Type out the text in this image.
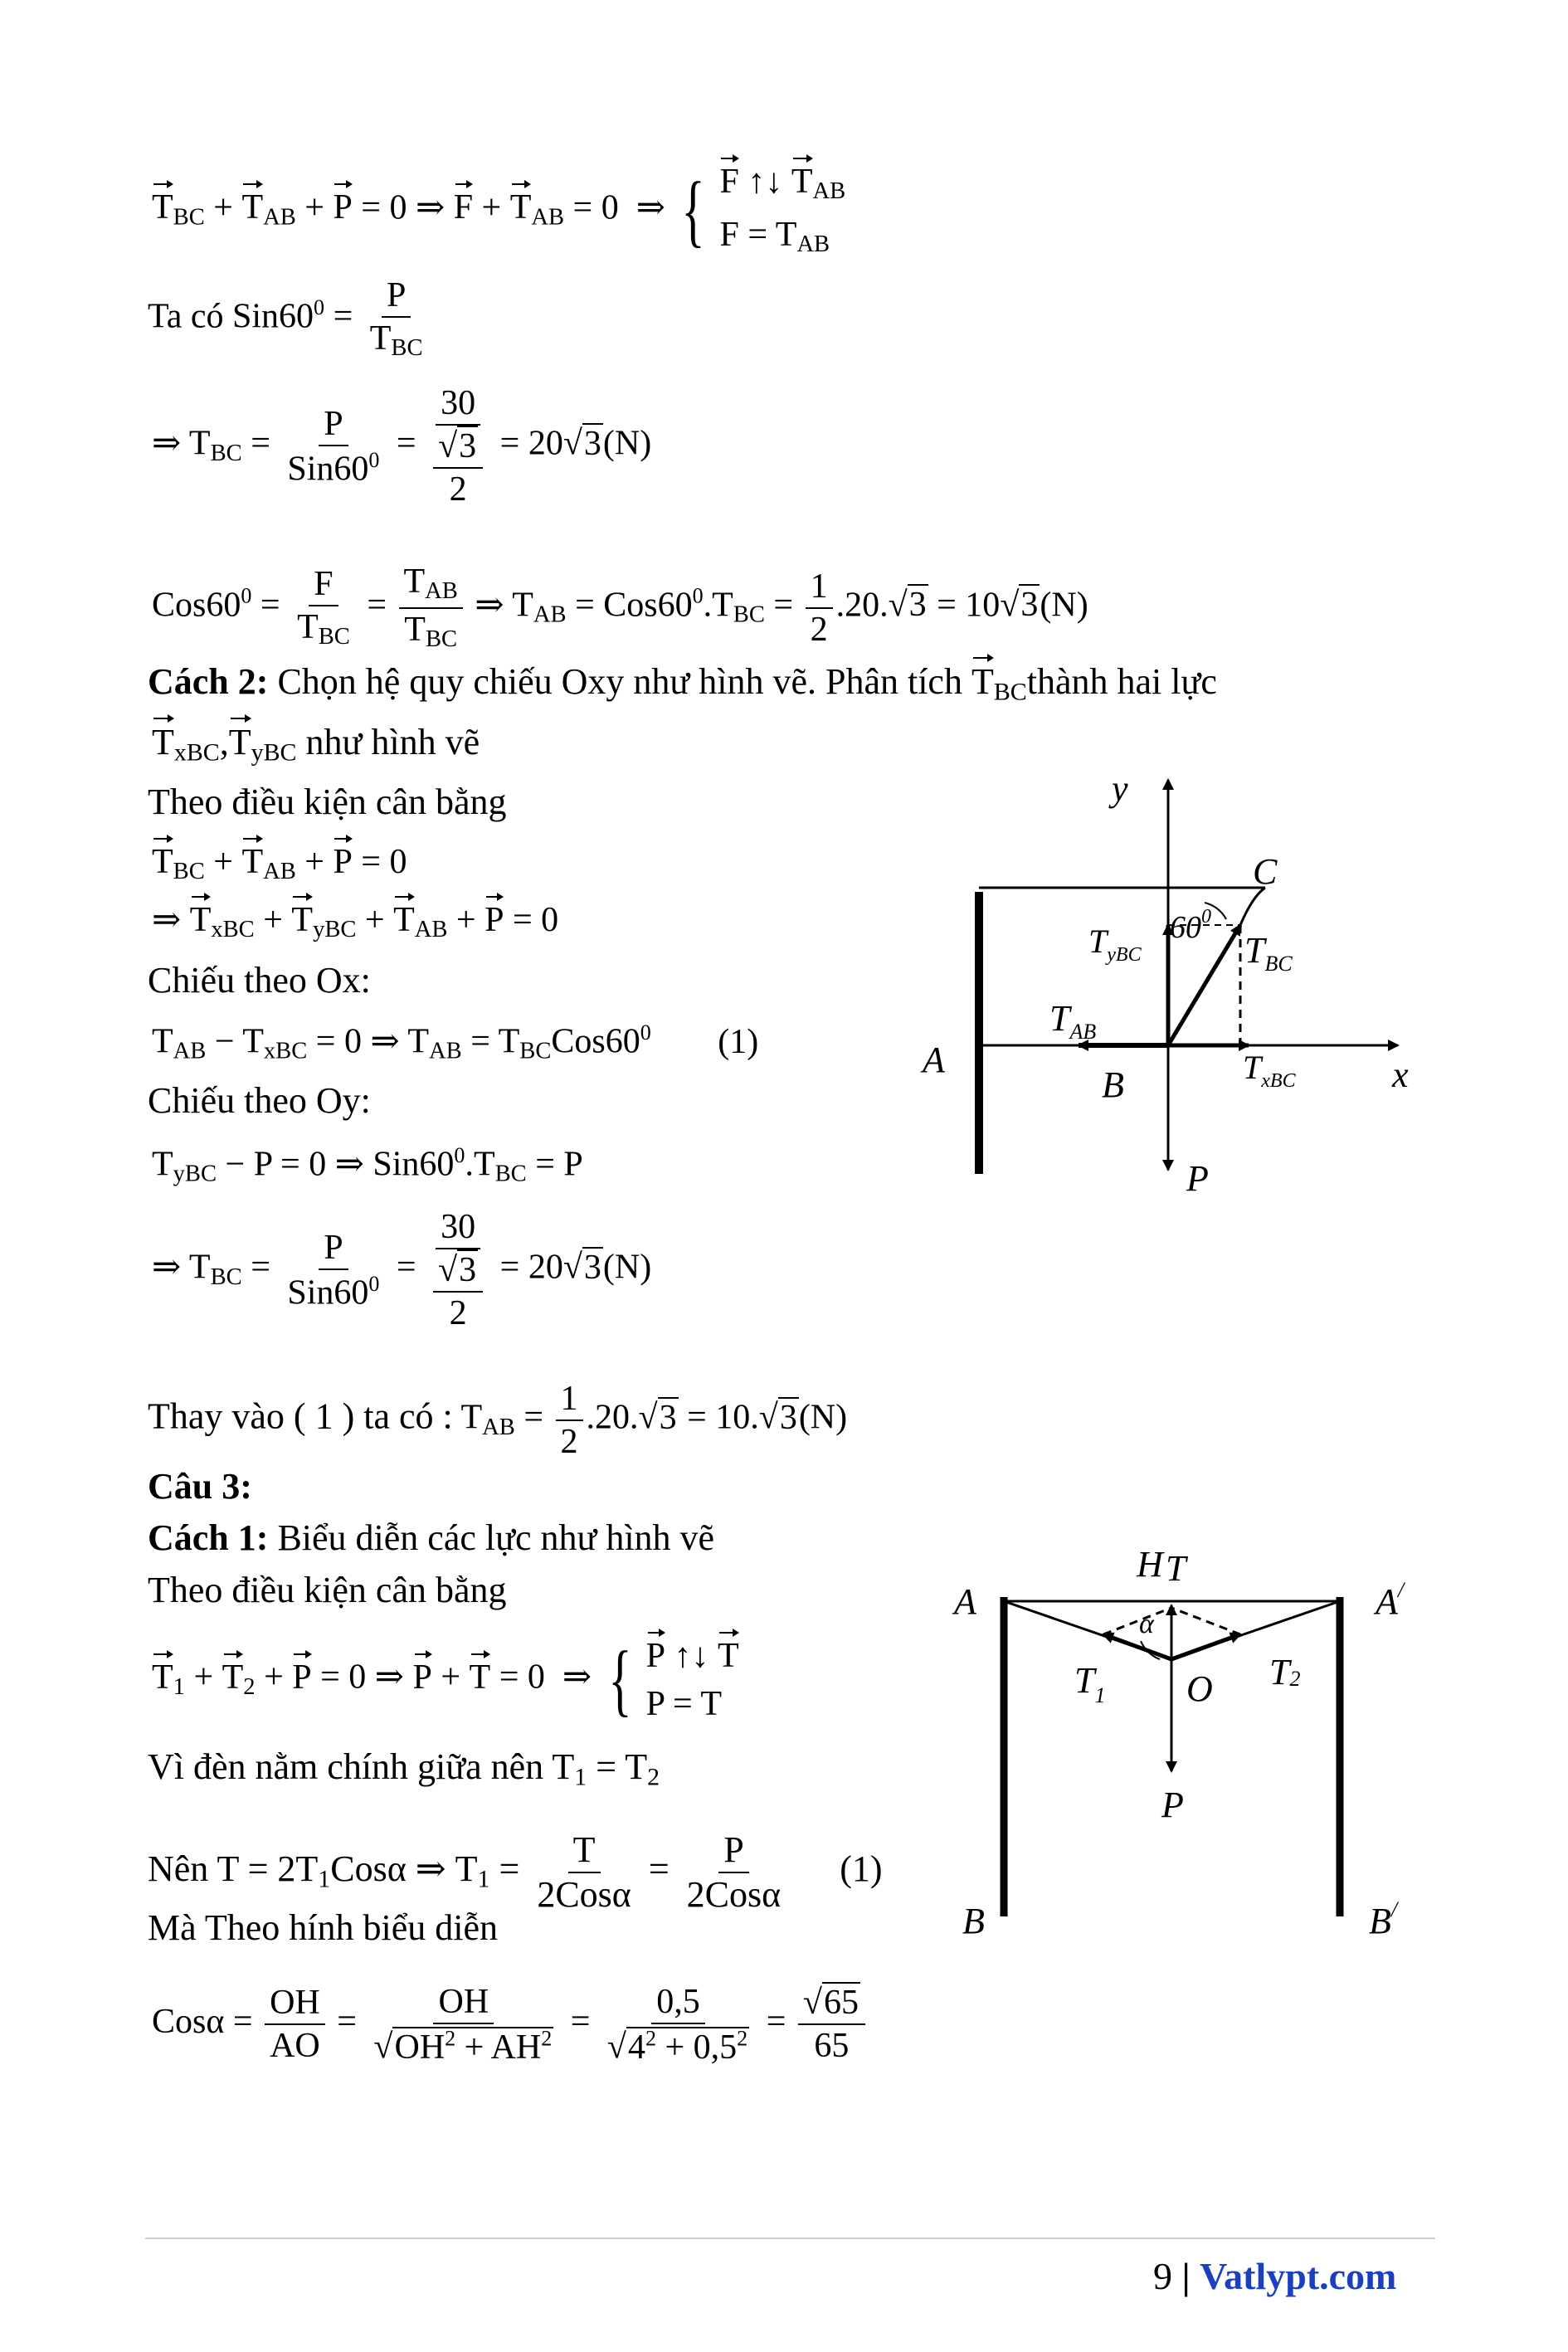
$T_{BC} + T_{AB} + P = 0$ ⇒ $F + T_{AB} = 0$  ⇒ { F ↑↓ $T_{AB}$
$F = T_{AB}$
Ta có $Sin60^0 = \frac{P}{T_{BC}}$
⇒ $T_{BC} = \frac{P}{Sin60^0} = \frac{30}{\frac{√3}{2}} = 20√3(N)$
$Cos60^0 = \frac{F}{T_{BC}} = \frac{T_{AB}}{T_{BC}}$ ⇒ $T_{AB} = Cos60^0.T_{BC} = \frac{1}{2} .20.√3 = 10√3(N)$
Cách 2: Chọn hệ quy chiếu Oxy như hình vẽ. Phân tích $T_{BC}thành$ hai lực
$T_{xBC},T_{yBC}$ như hình vẽ
Theo điều kiện cân bằng
$T_{BC} + T_{AB} + P = 0$
⇒ $T_{xBC} + T_{yBC} + T_{AB} + P = 0$
Chiếu theo Ox:
$T_{AB} - T_{xBC} = 0$ ⇒ $T_{AB} = T_{BC}Cos60^0$ (1)
Chiếu theo Oy:
$T_{yBC} - P = 0$ ⇒ $Sin60^0.T_{BC} = P$
⇒ $T_{BC} = \frac{P}{Sin60^0} = \frac{30}{\frac{√3}{2}} = 20√3(N)$
Thay vào ( 1 ) ta có : $T_{AB} = \frac{1}{2} .20.√3 = 10.√3(N)$
Câu 3:
Cách 1: Biểu diễn các lực như hình vẽ
Theo điều kiện cân bằng
$T_1 + T_2 + P = 0$ ⇒ P + T = 0  ⇒ { P ↑↓ T
P = T
Vì đèn nằm chính giữa nên $T_1 = T_2$
Nên $T = 2T_1Cos\alpha$ ⇒ $T_1 = \frac{T}{\text{2Cosα}} = \frac{P}{\text{2Cosα}} (1)$
Mà Theo hính biểu diễn
$Cos\alpha = \frac{OH}{AO} = \frac{OH}{√OH^2 + AH^2} = \frac{0,5}{√4^2 + 0,5^2} = \frac{√65}{65}$
y
x
C
A
B
$60^0$
$T_{yBC}$	$T_{BC}$
$T_{AB}$
$T_{xBC}$
P
H T
A	A/
$T_1$
T2
O
α
P
B	B/
9 | Vatlypt.com
